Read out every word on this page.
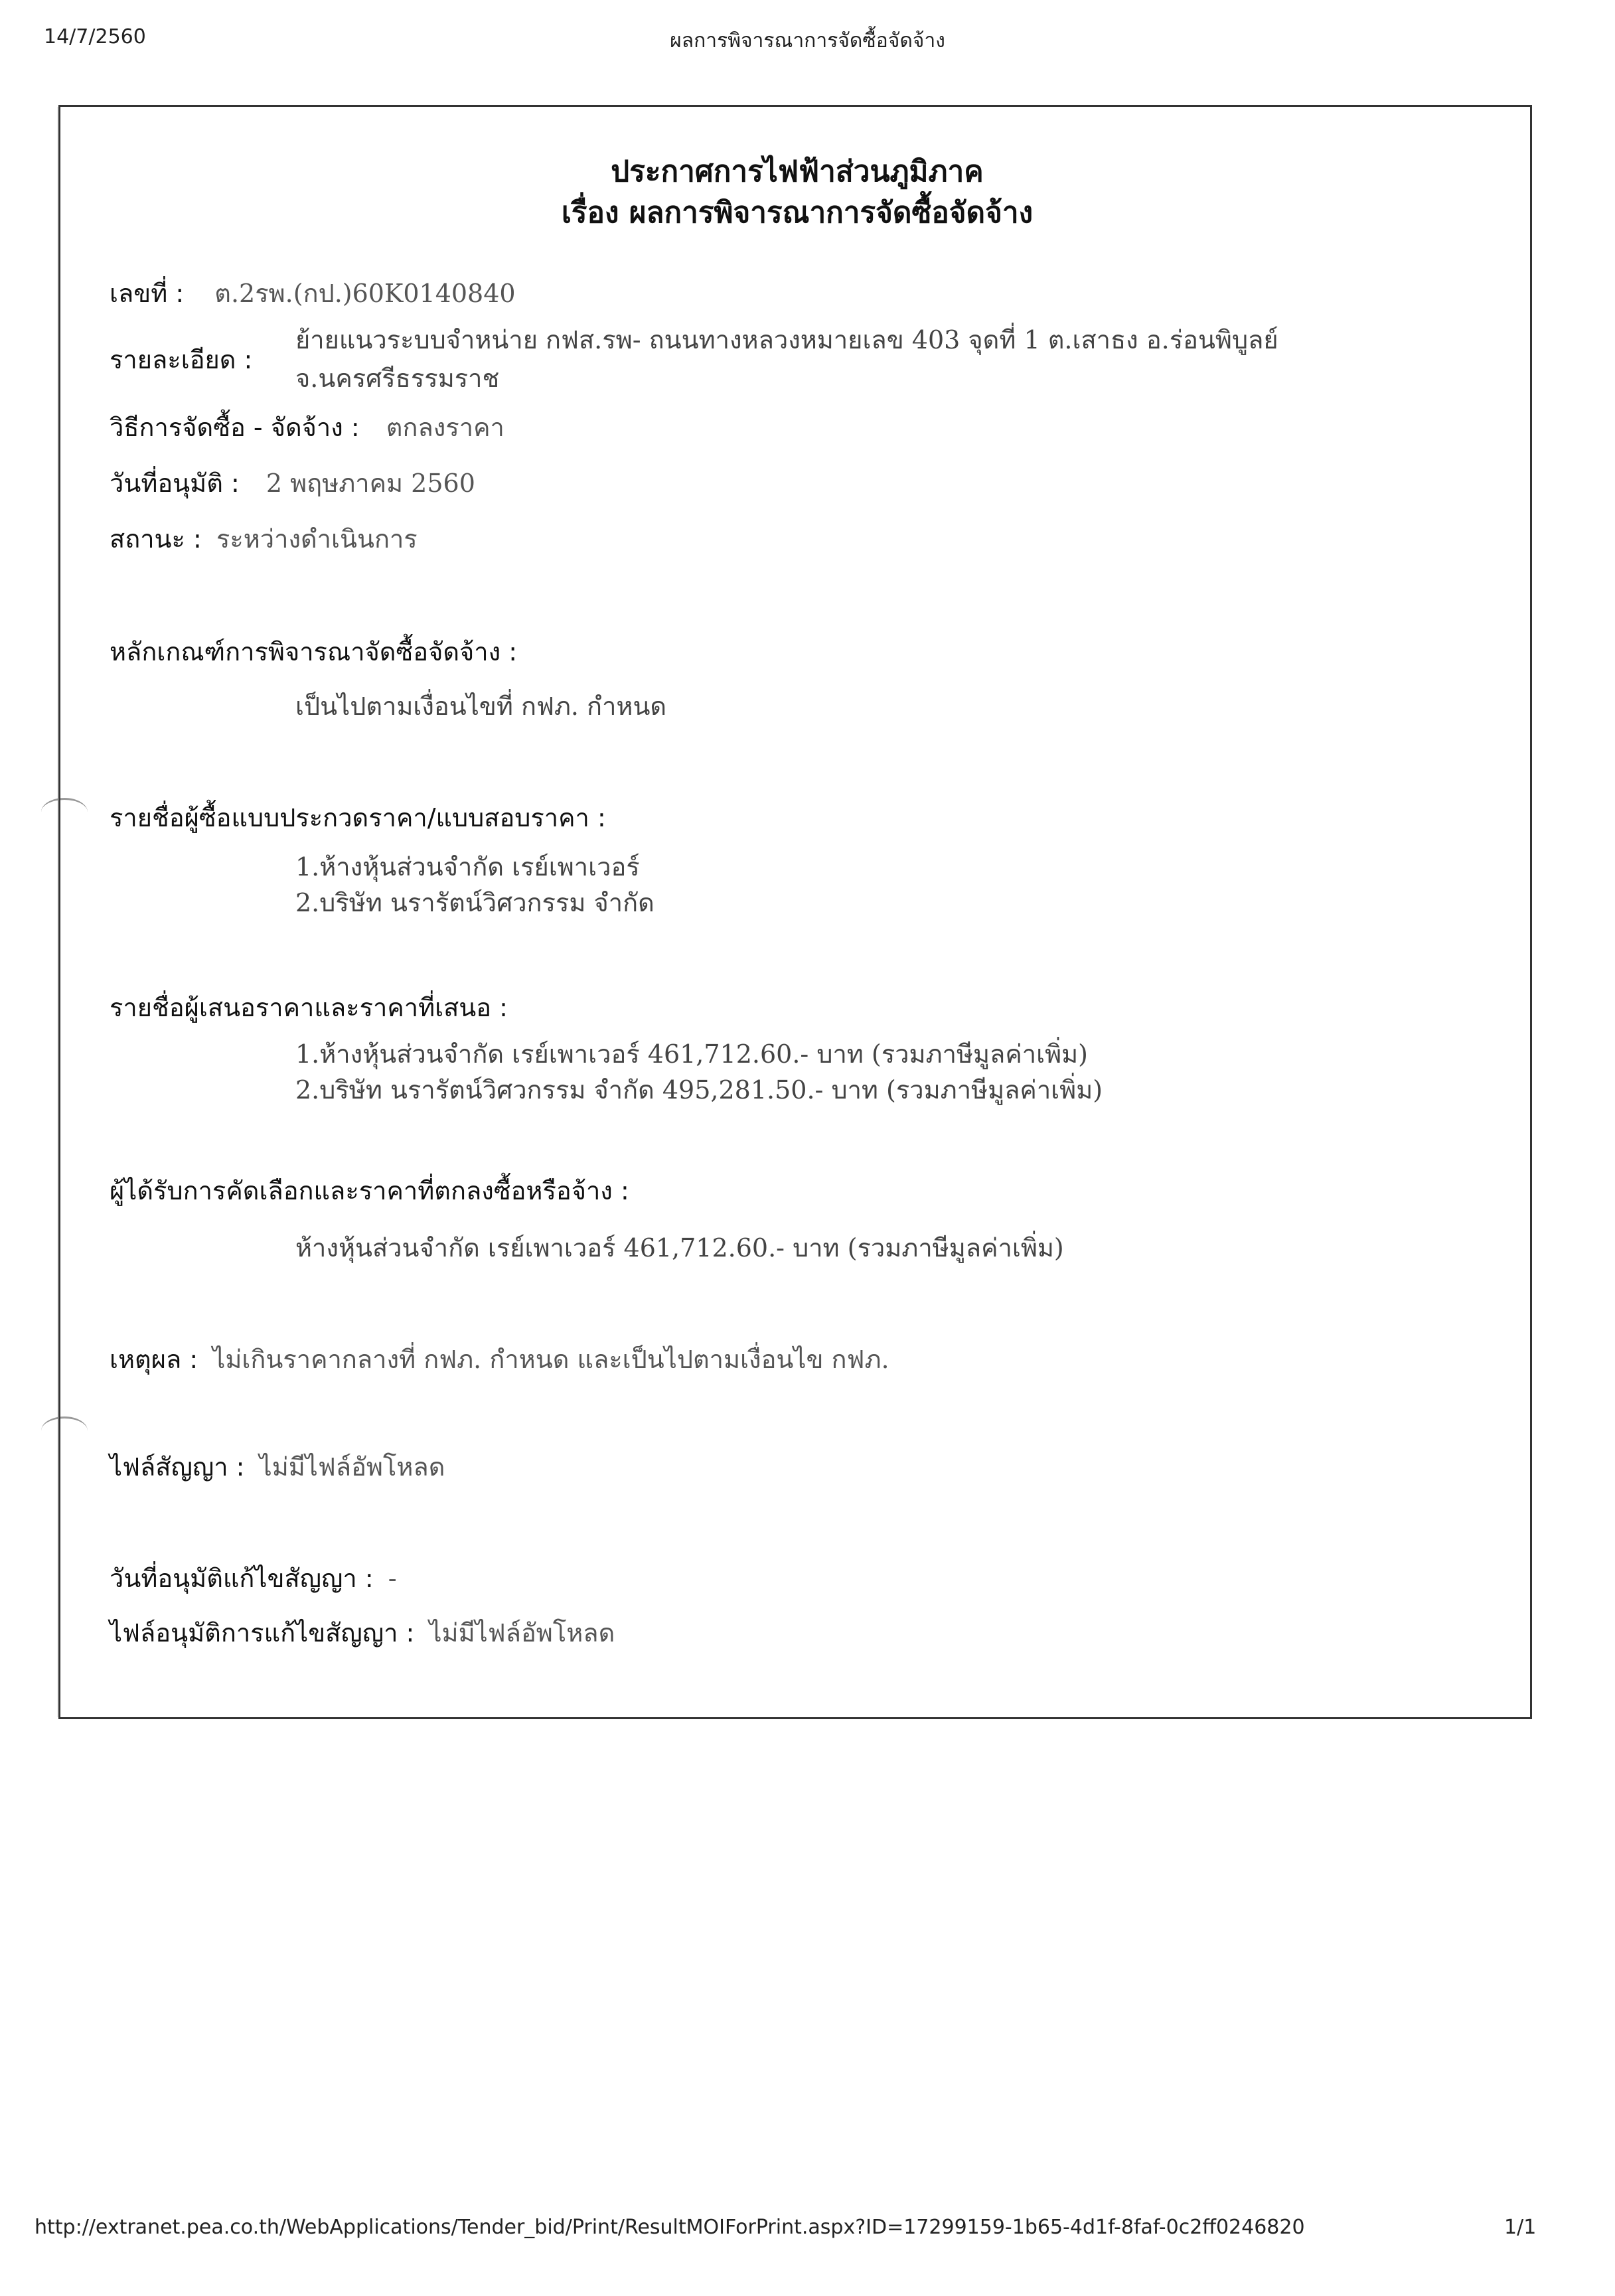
14/7/2560	ผลการพิจารณาการจัดซื้อจัดจ้าง
ประกาศการไฟฟ้าส่วนภูมิภาค
เรื่อง ผลการพิจารณาการจัดซื้อจัดจ้าง
เลขที่ : ต.2รพ.(กป.)60K0140840
รายละเอียด :
ย้ายแนวระบบจำหน่าย กฟส.รพ- ถนนทางหลวงหมายเลข 403 จุดที่ 1 ต.เสาธง อ.ร่อนพิบูลย์
จ.นครศรีธรรมราช
วิธีการจัดซื้อ - จัดจ้าง : ตกลงราคา
วันที่อนุมัติ : 2 พฤษภาคม 2560
สถานะ : ระหว่างดำเนินการ
หลักเกณฑ์การพิจารณาจัดซื้อจัดจ้าง :
เป็นไปตามเงื่อนไขที่ กฟภ. กำหนด
รายชื่อผู้ซื้อแบบประกวดราคา/แบบสอบราคา :
1.ห้างหุ้นส่วนจำกัด เรย์เพาเวอร์
2.บริษัท นรารัตน์วิศวกรรม จำกัด
รายชื่อผู้เสนอราคาและราคาที่เสนอ :
1.ห้างหุ้นส่วนจำกัด เรย์เพาเวอร์ 461,712.60.- บาท (รวมภาษีมูลค่าเพิ่ม)
2.บริษัท นรารัตน์วิศวกรรม จำกัด 495,281.50.- บาท (รวมภาษีมูลค่าเพิ่ม)
ผู้ได้รับการคัดเลือกและราคาที่ตกลงซื้อหรือจ้าง :
ห้างหุ้นส่วนจำกัด เรย์เพาเวอร์ 461,712.60.- บาท (รวมภาษีมูลค่าเพิ่ม)
เหตุผล : ไม่เกินราคากลางที่ กฟภ. กำหนด และเป็นไปตามเงื่อนไข กฟภ.
ไฟล์สัญญา : ไม่มีไฟล์อัพโหลด
วันที่อนุมัติแก้ไขสัญญา : -
ไฟล์อนุมัติการแก้ไขสัญญา : ไม่มีไฟล์อัพโหลด
http://extranet.pea.co.th/WebApplications/Tender_bid/Print/ResultMOIForPrint.aspx?ID=17299159-1b65-4d1f-8faf-0c2ff0246820	1/1
